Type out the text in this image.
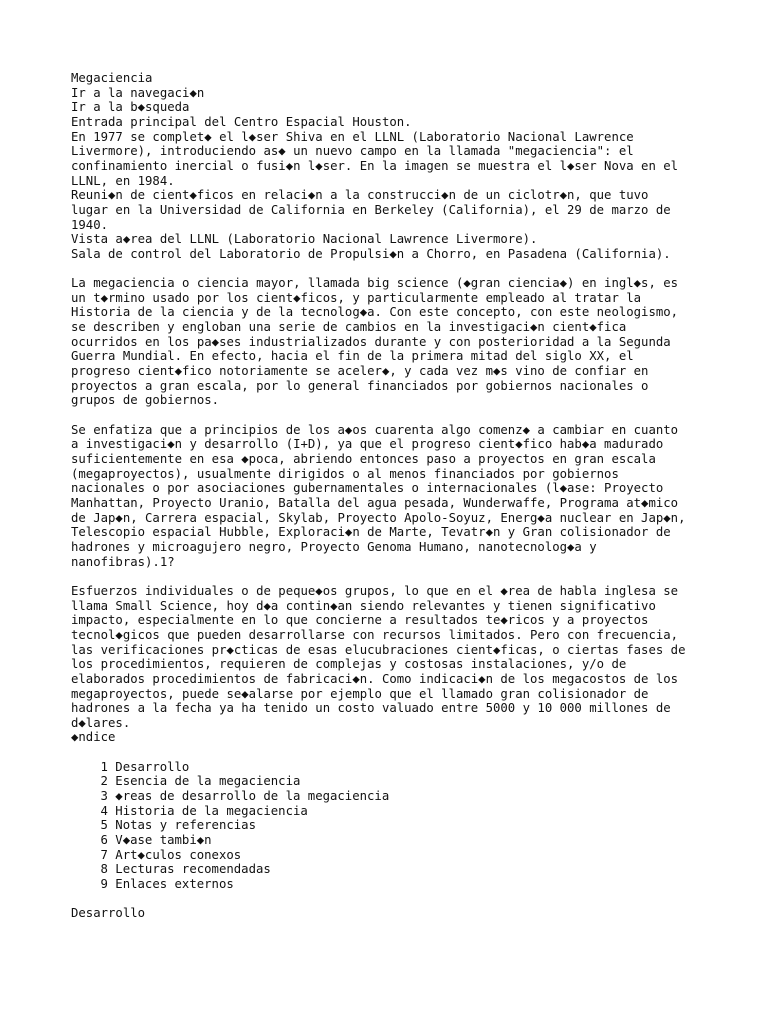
Megaciencia
Ir a la navegaci◆n
Ir a la b◆squeda
Entrada principal del Centro Espacial Houston.
En 1977 se complet◆ el l◆ser Shiva en el LLNL (Laboratorio Nacional Lawrence
Livermore), introduciendo as◆ un nuevo campo en la llamada "megaciencia": el
confinamiento inercial o fusi◆n l◆ser. En la imagen se muestra el l◆ser Nova en el
LLNL, en 1984.
Reuni◆n de cient◆ficos en relaci◆n a la construcci◆n de un ciclotr◆n, que tuvo
lugar en la Universidad de California en Berkeley (California), el 29 de marzo de
1940.
Vista a◆rea del LLNL (Laboratorio Nacional Lawrence Livermore).
Sala de control del Laboratorio de Propulsi◆n a Chorro, en Pasadena (California).
La megaciencia o ciencia mayor, llamada big science (◆gran ciencia◆) en ingl◆s, es
un t◆rmino usado por los cient◆ficos, y particularmente empleado al tratar la
Historia de la ciencia y de la tecnolog◆a. Con este concepto, con este neologismo,
se describen y engloban una serie de cambios en la investigaci◆n cient◆fica
ocurridos en los pa◆ses industrializados durante y con posterioridad a la Segunda
Guerra Mundial. En efecto, hacia el fin de la primera mitad del siglo XX, el
progreso cient◆fico notoriamente se aceler◆, y cada vez m◆s vino de confiar en
proyectos a gran escala, por lo general financiados por gobiernos nacionales o
grupos de gobiernos.
Se enfatiza que a principios de los a◆os cuarenta algo comenz◆ a cambiar en cuanto
a investigaci◆n y desarrollo (I+D), ya que el progreso cient◆fico hab◆a madurado
suficientemente en esa ◆poca, abriendo entonces paso a proyectos en gran escala
(megaproyectos), usualmente dirigidos o al menos financiados por gobiernos
nacionales o por asociaciones gubernamentales o internacionales (l◆ase: Proyecto
Manhattan, Proyecto Uranio, Batalla del agua pesada, Wunderwaffe, Programa at◆mico
de Jap◆n, Carrera espacial, Skylab, Proyecto Apolo-Soyuz, Energ◆a nuclear en Jap◆n,
Telescopio espacial Hubble, Exploraci◆n de Marte, Tevatr◆n y Gran colisionador de
hadrones y microagujero negro, Proyecto Genoma Humano, nanotecnolog◆a y
nanofibras).1?
Esfuerzos individuales o de peque◆os grupos, lo que en el ◆rea de habla inglesa se
llama Small Science, hoy d◆a contin◆an siendo relevantes y tienen significativo
impacto, especialmente en lo que concierne a resultados te◆ricos y a proyectos
tecnol◆gicos que pueden desarrollarse con recursos limitados. Pero con frecuencia,
las verificaciones pr◆cticas de esas elucubraciones cient◆ficas, o ciertas fases de
los procedimientos, requieren de complejas y costosas instalaciones, y/o de
elaborados procedimientos de fabricaci◆n. Como indicaci◆n de los megacostos de los
megaproyectos, puede se◆alarse por ejemplo que el llamado gran colisionador de
hadrones a la fecha ya ha tenido un costo valuado entre 5000 y 10 000 millones de
d◆lares.
◆ndice
1 Desarrollo
2 Esencia de la megaciencia
3 ◆reas de desarrollo de la megaciencia
4 Historia de la megaciencia
5 Notas y referencias
6 V◆ase tambi◆n
7 Art◆culos conexos
8 Lecturas recomendadas
9 Enlaces externos
Desarrollo
